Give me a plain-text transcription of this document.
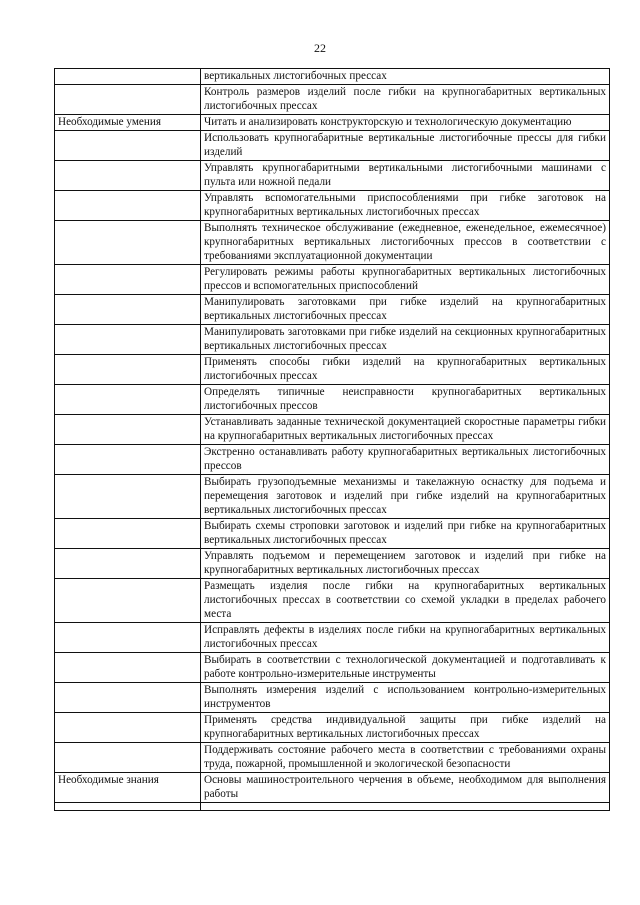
22
	вертикальных листогибочных прессах
	Контроль размеров изделий после гибки на крупногабаритных вертикальных листогибочных прессах
Необходимые умения	Читать и анализировать конструкторскую и технологическую документацию
	Использовать крупногабаритные вертикальные листогибочные прессы для гибки изделий
	Управлять крупногабаритными вертикальными листогибочными машинами с пульта или ножной педали
	Управлять вспомогательными приспособлениями при гибке заготовок на крупногабаритных вертикальных листогибочных прессах
	Выполнять техническое обслуживание (ежедневное, еженедельное, ежемесячное) крупногабаритных вертикальных листогибочных прессов в соответствии с требованиями эксплуатационной документации
	Регулировать режимы работы крупногабаритных вертикальных листогибочных прессов и вспомогательных приспособлений
	Манипулировать заготовками при гибке изделий на крупногабаритных вертикальных листогибочных прессах
	Манипулировать заготовками при гибке изделий на секционных крупногабаритных вертикальных листогибочных прессах
	Применять способы гибки изделий на крупногабаритных вертикальных листогибочных прессах
	Определять типичные неисправности крупногабаритных вертикальных листогибочных прессов
	Устанавливать заданные технической документацией скоростные параметры гибки на крупногабаритных вертикальных листогибочных прессах
	Экстренно останавливать работу крупногабаритных вертикальных листогибочных прессов
	Выбирать грузоподъемные механизмы и такелажную оснастку для подъема и перемещения заготовок и изделий при гибке изделий на крупногабаритных вертикальных листогибочных прессах
	Выбирать схемы строповки заготовок и изделий при гибке на крупногабаритных вертикальных листогибочных прессах
	Управлять подъемом и перемещением заготовок и изделий при гибке на крупногабаритных вертикальных листогибочных прессах
	Размещать изделия после гибки на крупногабаритных вертикальных листогибочных прессах в соответствии со схемой укладки в пределах рабочего места
	Исправлять дефекты в изделиях после гибки на крупногабаритных вертикальных листогибочных прессах
	Выбирать в соответствии с технологической документацией и подготавливать к работе контрольно-измерительные инструменты
	Выполнять измерения изделий с использованием контрольно-измерительных инструментов
	Применять средства индивидуальной защиты при гибке изделий на крупногабаритных вертикальных листогибочных прессах
	Поддерживать состояние рабочего места в соответствии с требованиями охраны труда, пожарной, промышленной и экологической безопасности
Необходимые знания	Основы машиностроительного черчения в объеме, необходимом для выполнения работы
